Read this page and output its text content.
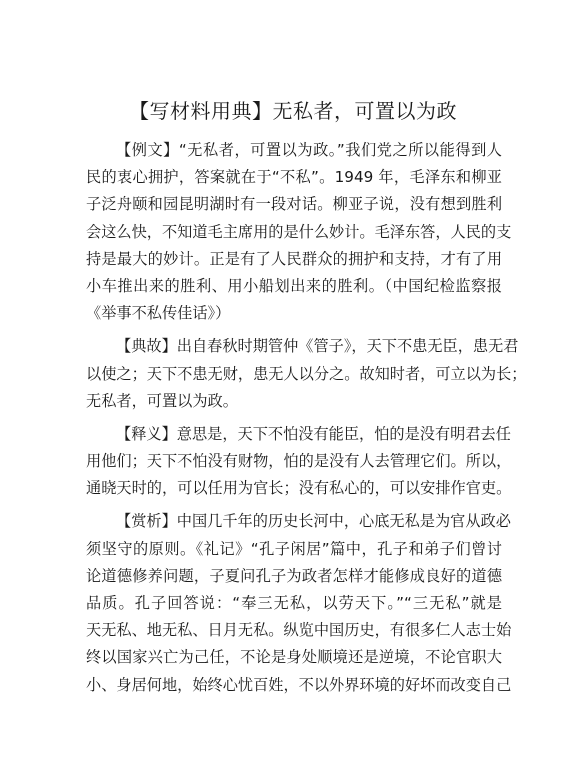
【写材料用典】无私者，可置以为政
【例文】“无私者，可置以为政。”我们党之所以能得到人
民的衷心拥护，答案就在于“不私”。1949 年，毛泽东和柳亚
子泛舟颐和园昆明湖时有一段对话。柳亚子说，没有想到胜利
会这么快，不知道毛主席用的是什么妙计。毛泽东答，人民的支
持是最大的妙计。正是有了人民群众的拥护和支持，才有了用
小车推出来的胜利、用小船划出来的胜利。（中国纪检监察报
《举事不私传佳话》）
【典故】出自春秋时期管仲《管子》，天下不患无臣，患无君
以使之；天下不患无财，患无人以分之。故知时者，可立以为长；
无私者，可置以为政。
【释义】意思是，天下不怕没有能臣，怕的是没有明君去任
用他们；天下不怕没有财物，怕的是没有人去管理它们。所以，
通晓天时的，可以任用为官长；没有私心的，可以安排作官吏。
【赏析】中国几千年的历史长河中，心底无私是为官从政必
须坚守的原则。《礼记》“孔子闲居”篇中，孔子和弟子们曾讨
论道德修养问题，子夏问孔子为政者怎样才能修成良好的道德
品质。孔子回答说：“奉三无私，以劳天下。”“三无私”就是
天无私、地无私、日月无私。纵览中国历史，有很多仁人志士始
终以国家兴亡为己任，不论是身处顺境还是逆境，不论官职大
小、身居何地，始终心忧百姓，不以外界环境的好坏而改变自己
